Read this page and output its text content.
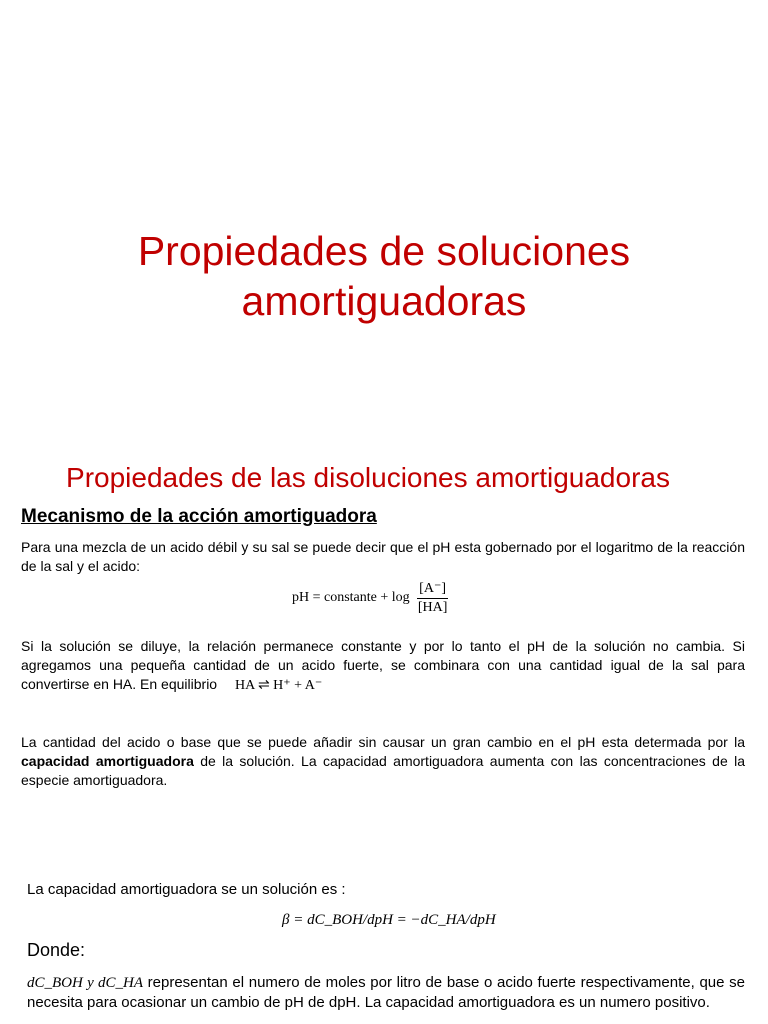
Propiedades de soluciones
amortiguadoras
Propiedades de las disoluciones amortiguadoras
Mecanismo de la acción amortiguadora
Para una mezcla de un acido débil y su sal se puede decir que el pH esta gobernado por el logaritmo de la reacción de la sal y el acido:
pH = constante + $\log \frac{[A^-]}{[HA]}$
Si la solución se diluye, la relación permanece constante y por lo tanto el pH de la solución no cambia. Si agregamos una pequeña cantidad de un acido fuerte, se combinara con una cantidad igual de la sal para convertirse en HA. En equilibrio HA ⇌ H⁺ + A⁻
La cantidad del acido o base que se puede añadir sin causar un gran cambio en el pH esta determada por la capacidad amortiguadora de la solución. La capacidad amortiguadora aumenta con las concentraciones de la especie amortiguadora.
La capacidad amortiguadora se un solución es :
β = dC_BOH/dpH = −dC_HA/dpH
Donde:
dC_BOH y dC_HA representan el numero de moles por litro de base o acido fuerte respectivamente, que se necesita para ocasionar un cambio de pH de dpH. La capacidad amortiguadora es un numero positivo.
